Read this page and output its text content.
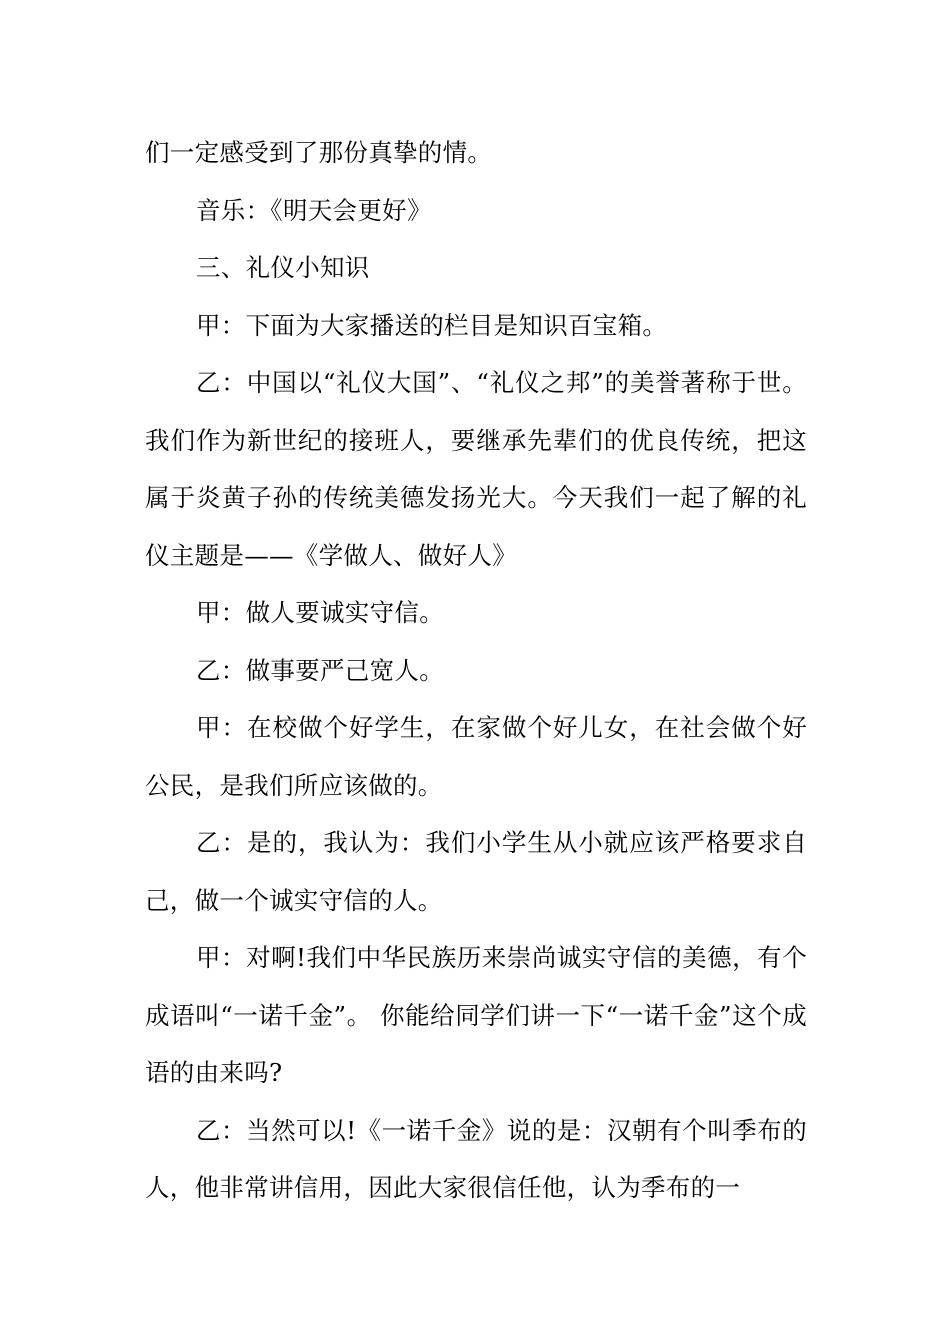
们一定感受到了那份真挚的情。

音乐：《明天会更好》

三、礼仪小知识

甲：下面为大家播送的栏目是知识百宝箱。

乙：中国以“礼仪大国”、“礼仪之邦”的美誉著称于世。我们作为新世纪的接班人，要继承先辈们的优良传统，把这属于炎黄子孙的传统美德发扬光大。今天我们一起了解的礼仪主题是——《学做人、做好人》

甲：做人要诚实守信。

乙：做事要严己宽人。

甲：在校做个好学生，在家做个好儿女，在社会做个好公民，是我们所应该做的。

乙：是的，我认为：我们小学生从小就应该严格要求自己，做一个诚实守信的人。

甲：对啊!我们中华民族历来崇尚诚实守信的美德，有个成语叫“一诺千金”。 你能给同学们讲一下“一诺千金”这个成语的由来吗?

乙：当然可以!《一诺千金》说的是：汉朝有个叫季布的人，他非常讲信用，因此大家很信任他，认为季布的一
